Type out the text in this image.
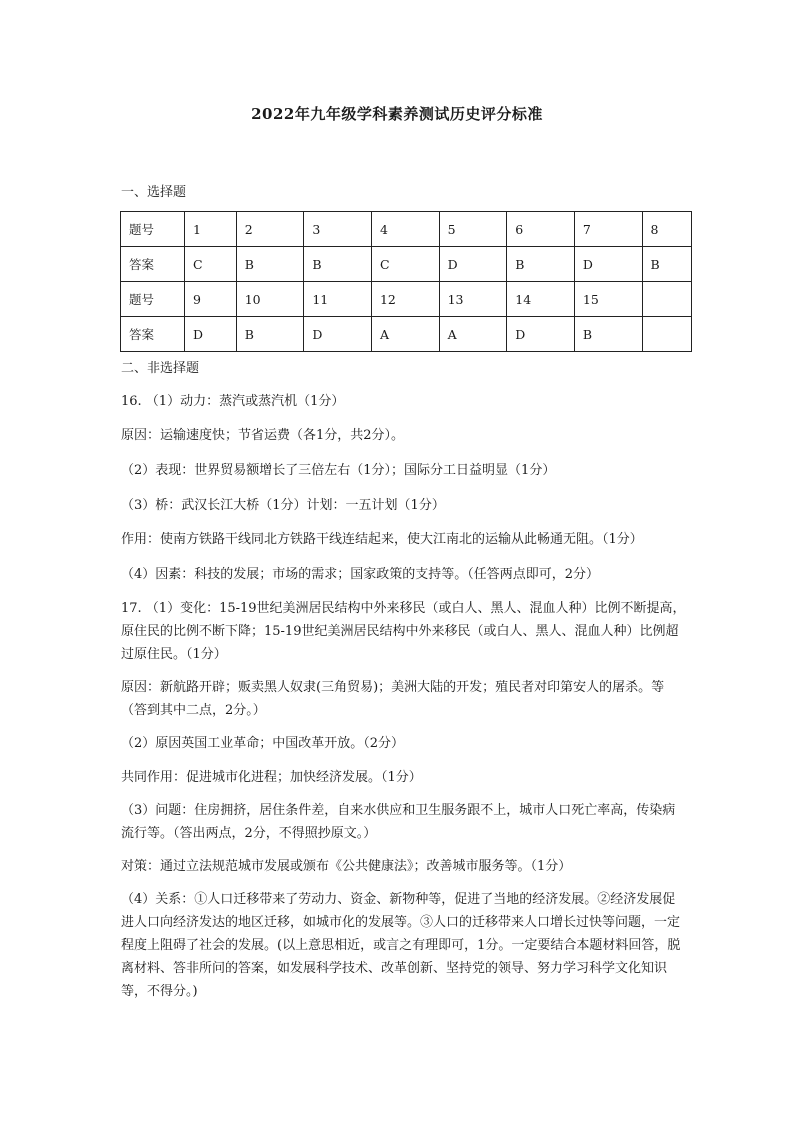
2022年九年级学科素养测试历史评分标准
一、选择题
题号	1	2	3	4	5	6	7	8
答案	C	B	B	C	D	B	D	B
题号	9	10	11	12	13	14	15	
答案	D	B	D	A	A	D	B	
二、非选择题
16. （1）动力：蒸汽或蒸汽机（1分）
原因：运输速度快；节省运费（各1分，共2分）。
（2）表现：世界贸易额增长了三倍左右（1分）；国际分工日益明显（1分）
（3）桥：武汉长江大桥（1分）计划：一五计划（1分）
作用：使南方铁路干线同北方铁路干线连结起来，使大江南北的运输从此畅通无阻。（1分）
（4）因素：科技的发展；市场的需求；国家政策的支持等。（任答两点即可，2分）
17. （1）变化：15-19世纪美洲居民结构中外来移民（或白人、黑人、混血人种）比例不断提高，原住民的比例不断下降；15-19世纪美洲居民结构中外来移民（或白人、黑人、混血人种）比例超过原住民。（1分）
原因：新航路开辟；贩卖黑人奴隶(三角贸易)；美洲大陆的开发；殖民者对印第安人的屠杀。等（答到其中二点，2分。）
（2）原因英国工业革命；中国改革开放。（2分）
共同作用：促进城市化进程；加快经济发展。（1分）
（3）问题：住房拥挤，居住条件差，自来水供应和卫生服务跟不上，城市人口死亡率高，传染病流行等。（答出两点，2分，不得照抄原文。）
对策：通过立法规范城市发展或颁布《公共健康法》；改善城市服务等。（1分）
（4）关系：①人口迁移带来了劳动力、资金、新物种等，促进了当地的经济发展。②经济发展促进人口向经济发达的地区迁移，如城市化的发展等。③人口的迁移带来人口增长过快等问题，一定程度上阻碍了社会的发展。(以上意思相近，或言之有理即可，1分。一定要结合本题材料回答，脱离材料、答非所问的答案，如发展科学技术、改革创新、坚持党的领导、努力学习科学文化知识等，不得分。)
